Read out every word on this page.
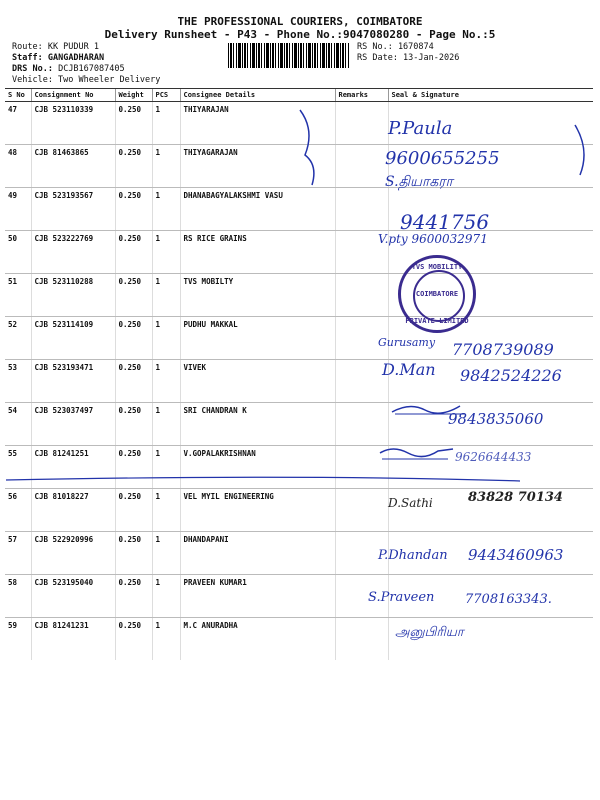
THE PROFESSIONAL COURIERS, COIMBATORE
Delivery Runsheet - P43 - Phone No.:9047080280 - Page No.:5
Route: KK PUDUR 1
Staff: GANGADHARAN
DRS No.: DCJB167087405
Vehicle: Two Wheeler Delivery
RS No.: 1670874
RS Date: 13-Jan-2026
S No	Consignment No	Weight	PCS	Consignee Details	Remarks	Seal & Signature
47	CJB 523110339	0.250	1	THIYARAJAN		
48	CJB 81463865	0.250	1	THIYAGARAJAN		
49	CJB 523193567	0.250	1	DHANABAGYALAKSHMI VASU		
50	CJB 523222769	0.250	1	RS RICE GRAINS		
51	CJB 523110288	0.250	1	TVS MOBILTY		
52	CJB 523114109	0.250	1	PUDHU MAKKAL		
53	CJB 523193471	0.250	1	VIVEK		
54	CJB 523037497	0.250	1	SRI CHANDRAN K		
55	CJB 81241251	0.250	1	V.GOPALAKRISHNAN		
56	CJB 81018227	0.250	1	VEL MYIL ENGINEERING		
57	CJB 522920996	0.250	1	DHANDAPANI		
58	CJB 523195040	0.250	1	PRAVEEN KUMAR1		
59	CJB 81241231	0.250	1	M.C ANURADHA		
P.Paula
9600655255
S.தியாகரா
9441756
V.pty 9600032971
TVS MOBILITY
COIMBATORE
PRIVATE LIMITED
Gurusamy 7708739089
D.Man 9842524226
9843835060
9626644433
D.Sathi	83828 70134
P.Dhandan 9443460963
S.Praveen 7708163343.
அனுபிரியா
